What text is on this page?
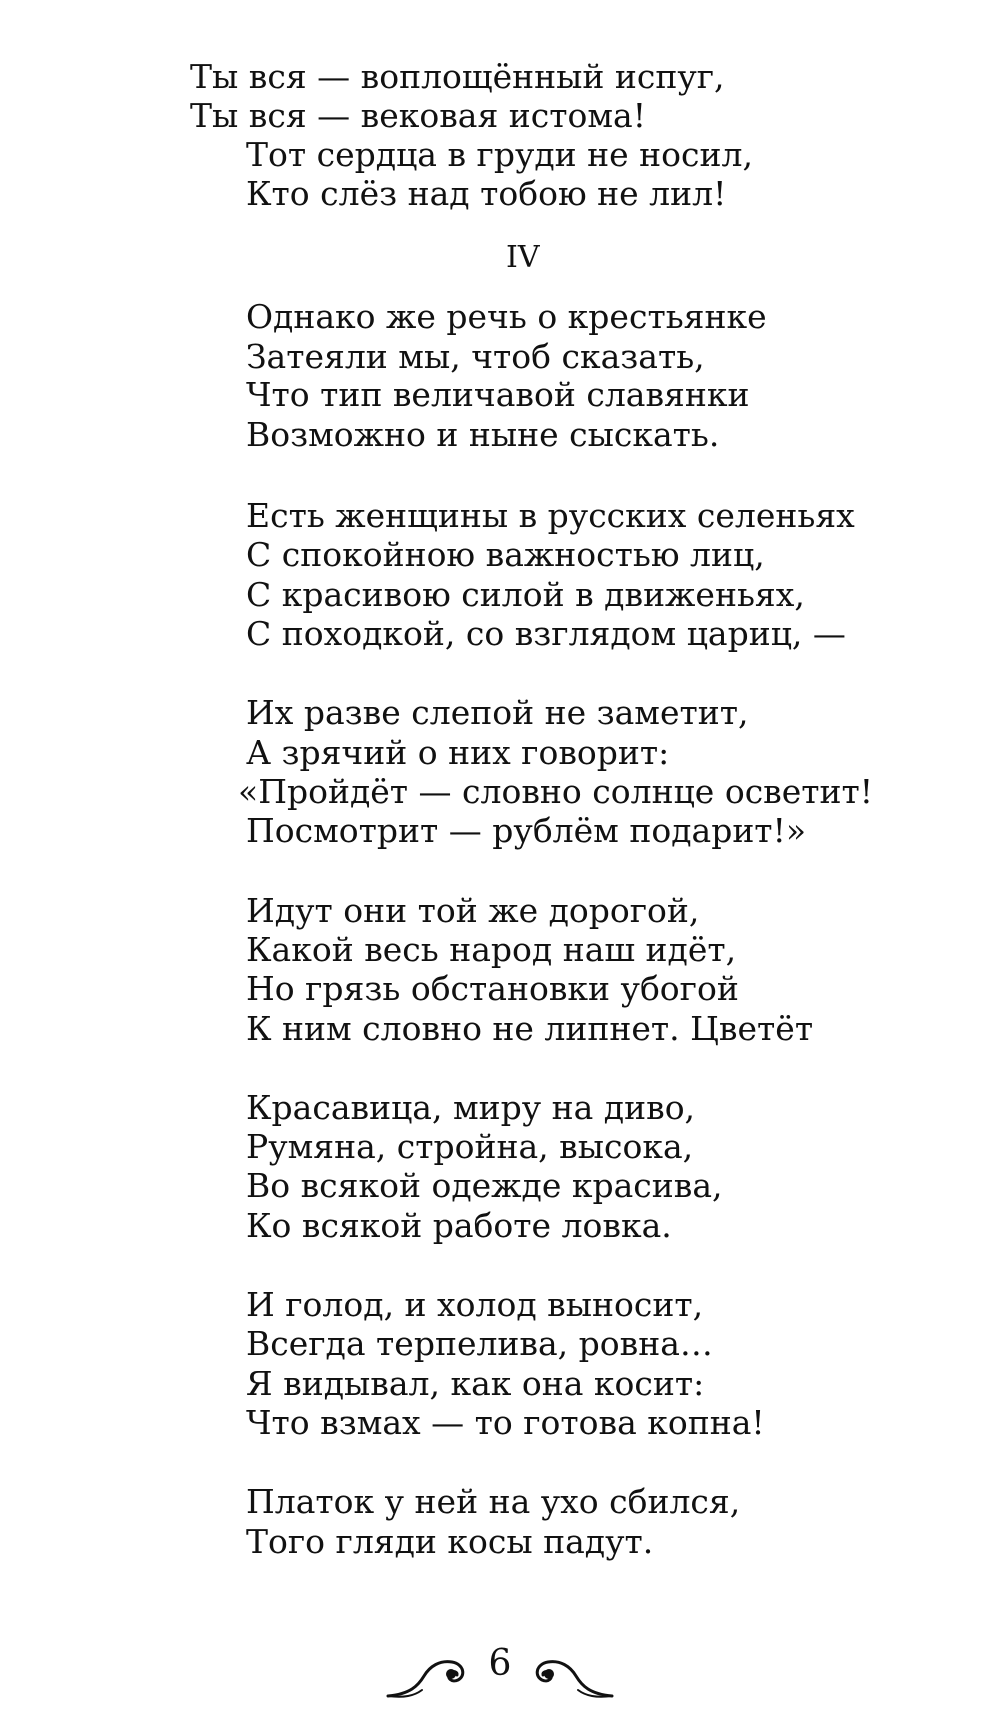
Ты вся — воплощённый испуг,
Ты вся — вековая истома!
Тот сердца в груди не носил,
Кто слёз над тобою не лил!
IV
Однако же речь о крестьянке
Затеяли мы, чтоб сказать,
Что тип величавой славянки
Возможно и ныне сыскать.
Есть женщины в русских селеньях
С спокойною важностью лиц,
С красивою силой в движеньях,
С походкой, со взглядом цариц, —
Их разве слепой не заметит,
А зрячий о них говорит:
«Пройдёт — словно солнце осветит!
Посмотрит — рублём подарит!»
Идут они той же дорогой,
Какой весь народ наш идёт,
Но грязь обстановки убогой
К ним словно не липнет. Цветёт
Красавица, миру на диво,
Румяна, стройна, высока,
Во всякой одежде красива,
Ко всякой работе ловка.
И голод, и холод выносит,
Всегда терпелива, ровна…
Я видывал, как она косит:
Что взмах — то готова копна!
Платок у ней на ухо сбился,
Того гляди косы падут.
6
